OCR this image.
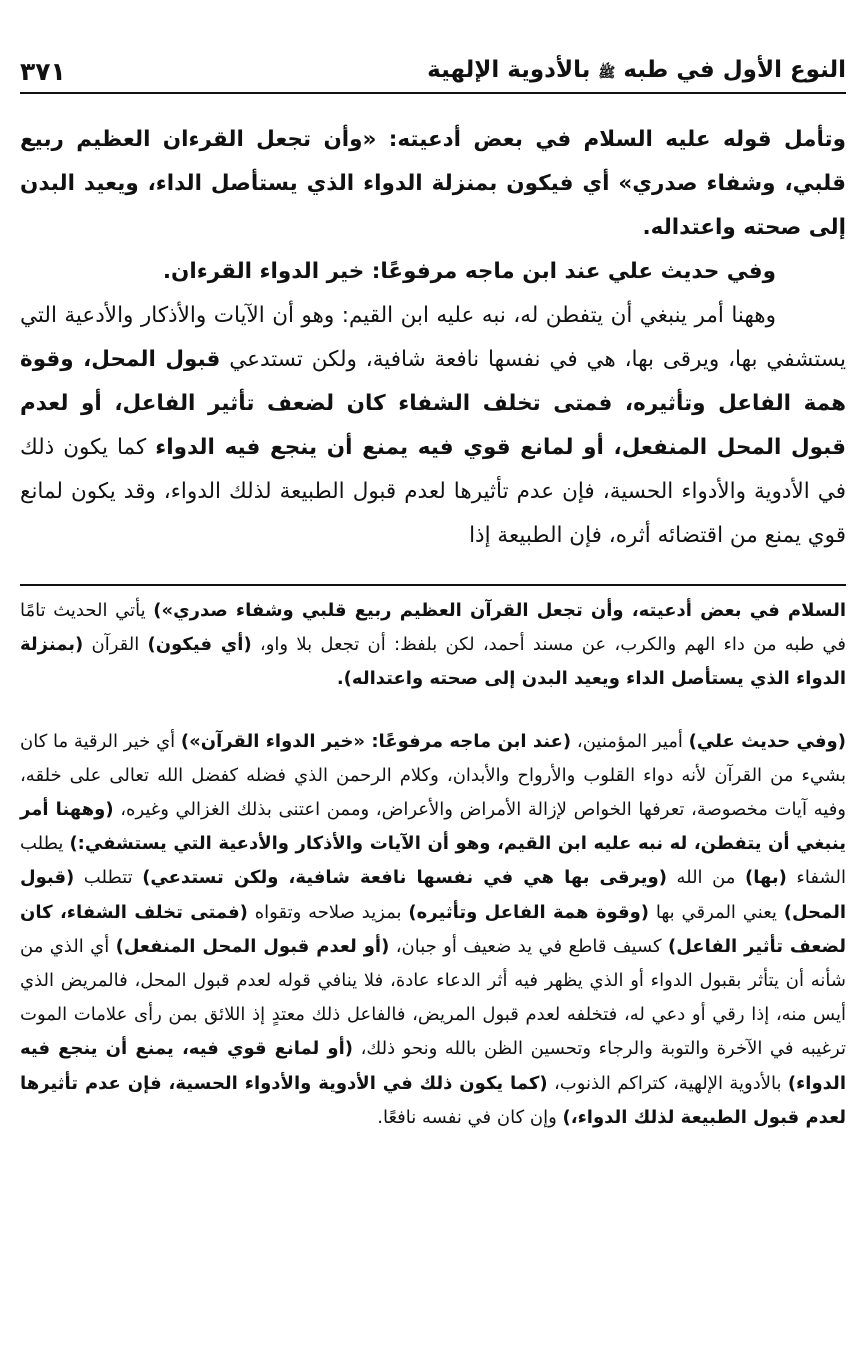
النوع الأول في طبه ﷺ بالأدوية الإلهية
٣٧١

وتأمل قوله عليه السلام في بعض أدعيته: «وأن تجعل القرءان العظيم ربيع قلبي، وشفاء صدري» أي فيكون بمنزلة الدواء الذي يستأصل الداء، ويعيد البدن إلى صحته واعتداله.

وفي حديث علي عند ابن ماجه مرفوعًا: خير الدواء القرءان.

وههنا أمر ينبغي أن يتفطن له، نبه عليه ابن القيم: وهو أن الآيات والأذكار والأدعية التي يستشفي بها، ويرقى بها، هي في نفسها نافعة شافية، ولكن تستدعي قبول المحل، وقوة همة الفاعل وتأثيره، فمتى تخلف الشفاء كان لضعف تأثير الفاعل، أو لعدم قبول المحل المنفعل، أو لمانع قوي فيه يمنع أن ينجع فيه الدواء كما يكون ذلك في الأدوية والأدواء الحسية، فإن عدم تأثيرها لعدم قبول الطبيعة لذلك الدواء، وقد يكون لمانع قوي يمنع من اقتضائه أثره، فإن الطبيعة إذا

السلام في بعض أدعيته، وأن تجعل القرآن العظيم ربيع قلبي وشفاء صدري») يأتي الحديث تامًا في طبه من داء الهم والكرب، عن مسند أحمد، لكن بلفظ: أن تجعل بلا واو، (أي فيكون) القرآن (بمنزلة الدواء الذي يستأصل الداء ويعيد البدن إلى صحته واعتداله).

(وفي حديث علي) أمير المؤمنين، (عند ابن ماجه مرفوعًا: «خير الدواء القرآن») أي خير الرقية ما كان بشيء من القرآن لأنه دواء القلوب والأرواح والأبدان، وكلام الرحمن الذي فضله كفضل الله تعالى على خلقه، وفيه آيات مخصوصة، تعرفها الخواص لإزالة الأمراض والأعراض، وممن اعتنى بذلك الغزالي وغيره، (وههنا أمر ينبغي أن يتفطن، له نبه عليه ابن القيم، وهو أن الآيات والأذكار والأدعية التي يستشفي:) يطلب الشفاء (بها) من الله (ويرقى بها هي في نفسها نافعة شافية، ولكن تستدعي) تتطلب (قبول المحل) يعني المرقي بها (وقوة همة الفاعل وتأثيره) بمزيد صلاحه وتقواه (فمتى تخلف الشفاء، كان لضعف تأثير الفاعل) كسيف قاطع في يد ضعيف أو جبان، (أو لعدم قبول المحل المنفعل) أي الذي من شأنه أن يتأثر بقبول الدواء أو الذي يظهر فيه أثر الدعاء عادة، فلا ينافي قوله لعدم قبول المحل، فالمريض الذي أيس منه، إذا رقي أو دعي له، فتخلفه لعدم قبول المريض، فالفاعل ذلك معتدٍ إذ اللائق بمن رأى علامات الموت ترغيبه في الآخرة والتوبة والرجاء وتحسين الظن بالله ونحو ذلك، (أو لمانع قوي فيه، يمنع أن ينجع فيه الدواء) بالأدوية الإلهية، كتراكم الذنوب، (كما يكون ذلك في الأدوية والأدواء الحسية، فإن عدم تأثيرها لعدم قبول الطبيعة لذلك الدواء،) وإن كان في نفسه نافعًا.
